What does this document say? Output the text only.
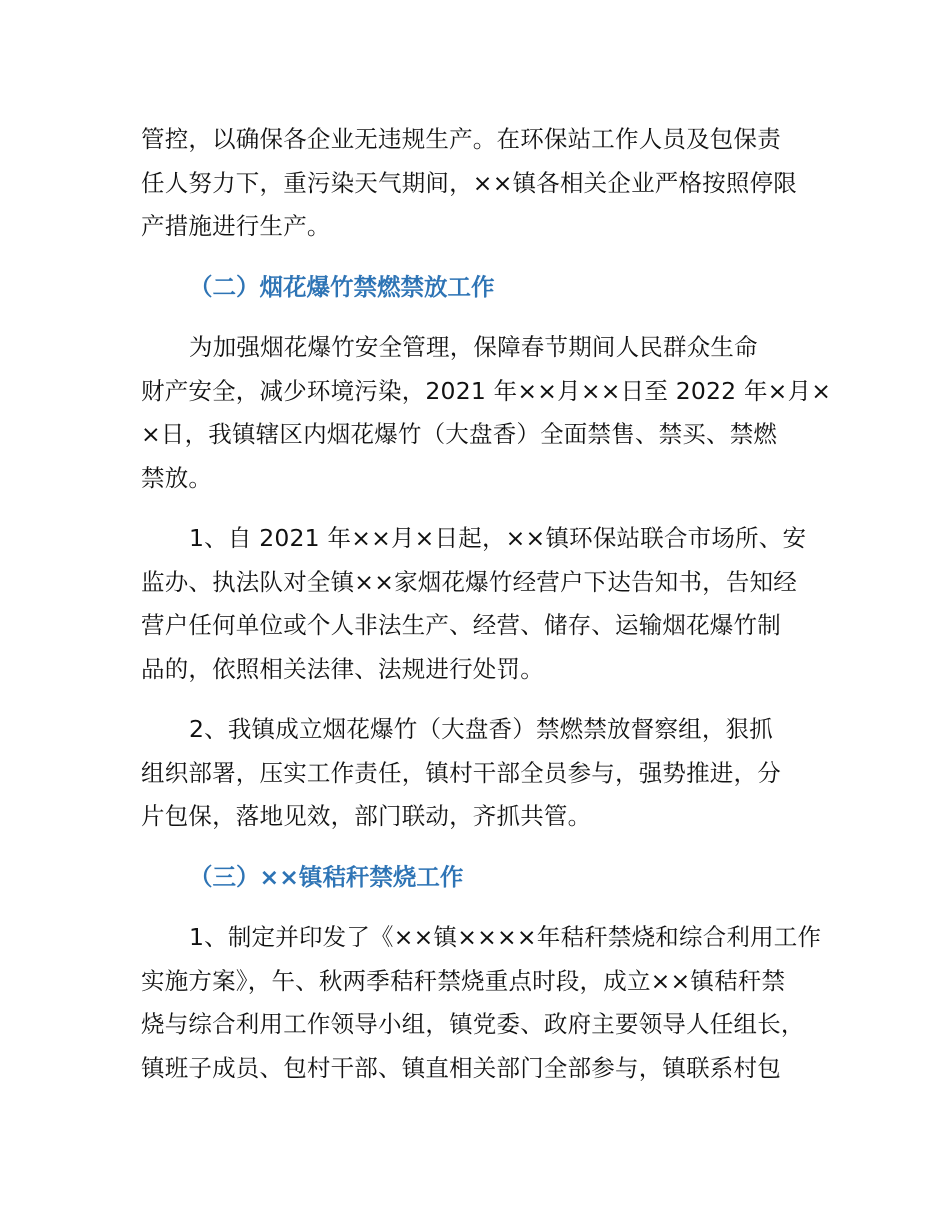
管控，以确保各企业无违规生产。在环保站工作人员及包保责
任人努力下，重污染天气期间，××镇各相关企业严格按照停限
产措施进行生产。

（二）烟花爆竹禁燃禁放工作

为加强烟花爆竹安全管理，保障春节期间人民群众生命
财产安全，减少环境污染，2021 年××月××日至 2022 年×月×
×日，我镇辖区内烟花爆竹（大盘香）全面禁售、禁买、禁燃
禁放。

1、自 2021 年××月×日起，××镇环保站联合市场所、安
监办、执法队对全镇××家烟花爆竹经营户下达告知书，告知经
营户任何单位或个人非法生产、经营、储存、运输烟花爆竹制
品的，依照相关法律、法规进行处罚。

2、我镇成立烟花爆竹（大盘香）禁燃禁放督察组，狠抓
组织部署，压实工作责任，镇村干部全员参与，强势推进，分
片包保，落地见效，部门联动，齐抓共管。

（三）××镇秸秆禁烧工作

1、制定并印发了《××镇××××年秸秆禁烧和综合利用工作
实施方案》，午、秋两季秸秆禁烧重点时段，成立××镇秸秆禁
烧与综合利用工作领导小组，镇党委、政府主要领导人任组长，
镇班子成员、包村干部、镇直相关部门全部参与，镇联系村包
